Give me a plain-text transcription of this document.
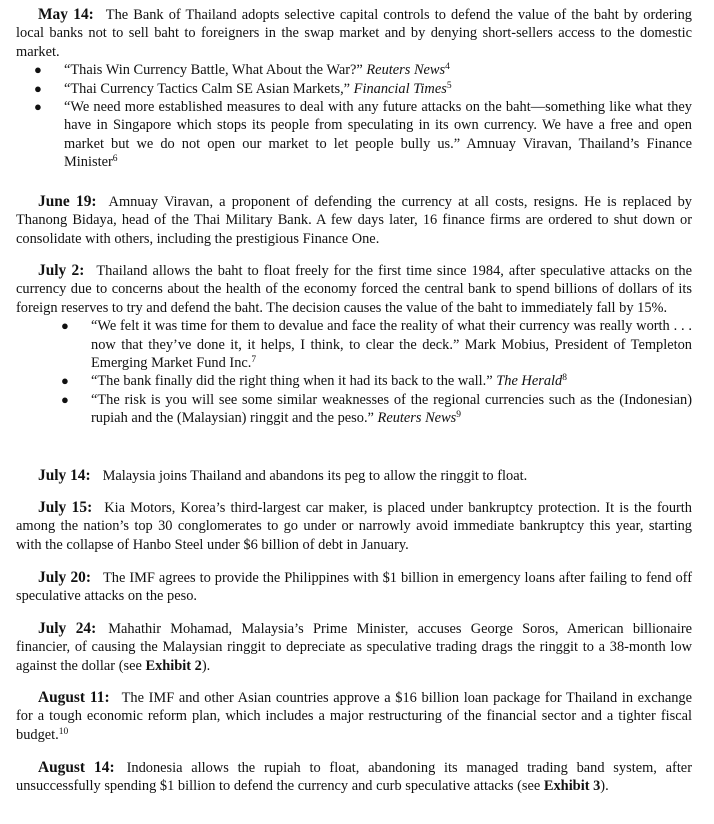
May 14: The Bank of Thailand adopts selective capital controls to defend the value of the baht by ordering local banks not to sell baht to foreigners in the swap market and by denying short-sellers access to the domestic market.

● “Thais Win Currency Battle, What About the War?” Reuters News$^4$
● “Thai Currency Tactics Calm SE Asian Markets,” Financial Times$^5$
● “We need more established measures to deal with any future attacks on the baht—something like what they have in Singapore which stops its people from speculating in its own currency. We have a free and open market but we do not open our market to let people bully us.” Amnuay Viravan, Thailand’s Finance Minister$^6$

June 19: Amnuay Viravan, a proponent of defending the currency at all costs, resigns. He is replaced by Thanong Bidaya, head of the Thai Military Bank. A few days later, 16 finance firms are ordered to shut down or consolidate with others, including the prestigious Finance One.

July 2: Thailand allows the baht to float freely for the first time since 1984, after speculative attacks on the currency due to concerns about the health of the economy forced the central bank to spend billions of dollars of its foreign reserves to try and defend the baht. The decision causes the value of the baht to immediately fall by 15%.

● “We felt it was time for them to devalue and face the reality of what their currency was really worth . . . now that they’ve done it, it helps, I think, to clear the deck.” Mark Mobius, President of Templeton Emerging Market Fund Inc.$^7$
● “The bank finally did the right thing when it had its back to the wall.” The Herald$^8$
● “The risk is you will see some similar weaknesses of the regional currencies such as the (Indonesian) rupiah and the (Malaysian) ringgit and the peso.” Reuters News$^9$

July 14: Malaysia joins Thailand and abandons its peg to allow the ringgit to float.

July 15: Kia Motors, Korea’s third-largest car maker, is placed under bankruptcy protection. It is the fourth among the nation’s top 30 conglomerates to go under or narrowly avoid immediate bankruptcy this year, starting with the collapse of Hanbo Steel under $6 billion of debt in January.

July 20: The IMF agrees to provide the Philippines with $1 billion in emergency loans after failing to fend off speculative attacks on the peso.

July 24: Mahathir Mohamad, Malaysia’s Prime Minister, accuses George Soros, American billionaire financier, of causing the Malaysian ringgit to depreciate as speculative trading drags the ringgit to a 38-month low against the dollar (see Exhibit 2).

August 11: The IMF and other Asian countries approve a $16 billion loan package for Thailand in exchange for a tough economic reform plan, which includes a major restructuring of the financial sector and a tighter fiscal budget.$^{10}$

August 14: Indonesia allows the rupiah to float, abandoning its managed trading band system, after unsuccessfully spending $1 billion to defend the currency and curb speculative attacks (see Exhibit 3).
